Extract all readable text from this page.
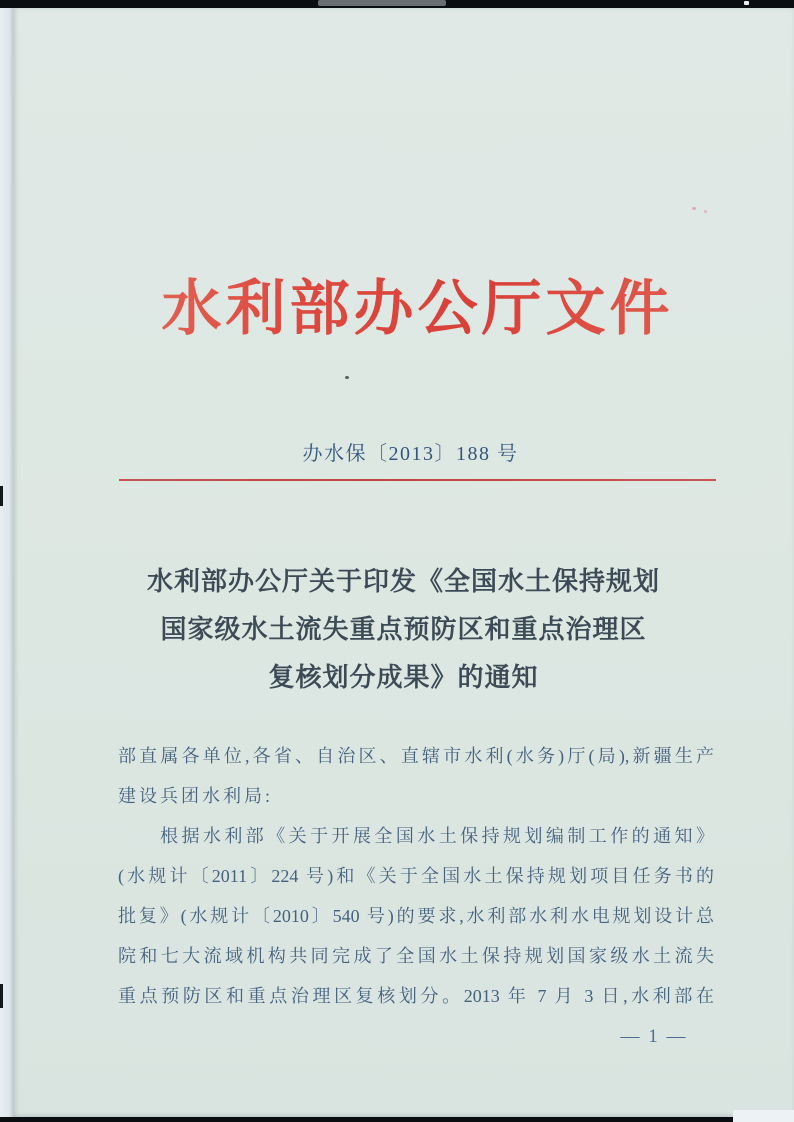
水利部办公厅文件
办水保〔2013〕188 号
水利部办公厅关于印发《全国水土保持规划
国家级水土流失重点预防区和重点治理区
复核划分成果》的通知
部直属各单位,各省、自治区、直辖市水利(水务)厅(局),新疆生产
建设兵团水利局:
根据水利部《关于开展全国水土保持规划编制工作的通知》
(水规计〔2011〕224 号)和《关于全国水土保持规划项目任务书的
批复》(水规计〔2010〕540 号)的要求,水利部水利水电规划设计总
院和七大流域机构共同完成了全国水土保持规划国家级水土流失
重点预防区和重点治理区复核划分。2013 年 7 月 3 日,水利部在
— 1 —
